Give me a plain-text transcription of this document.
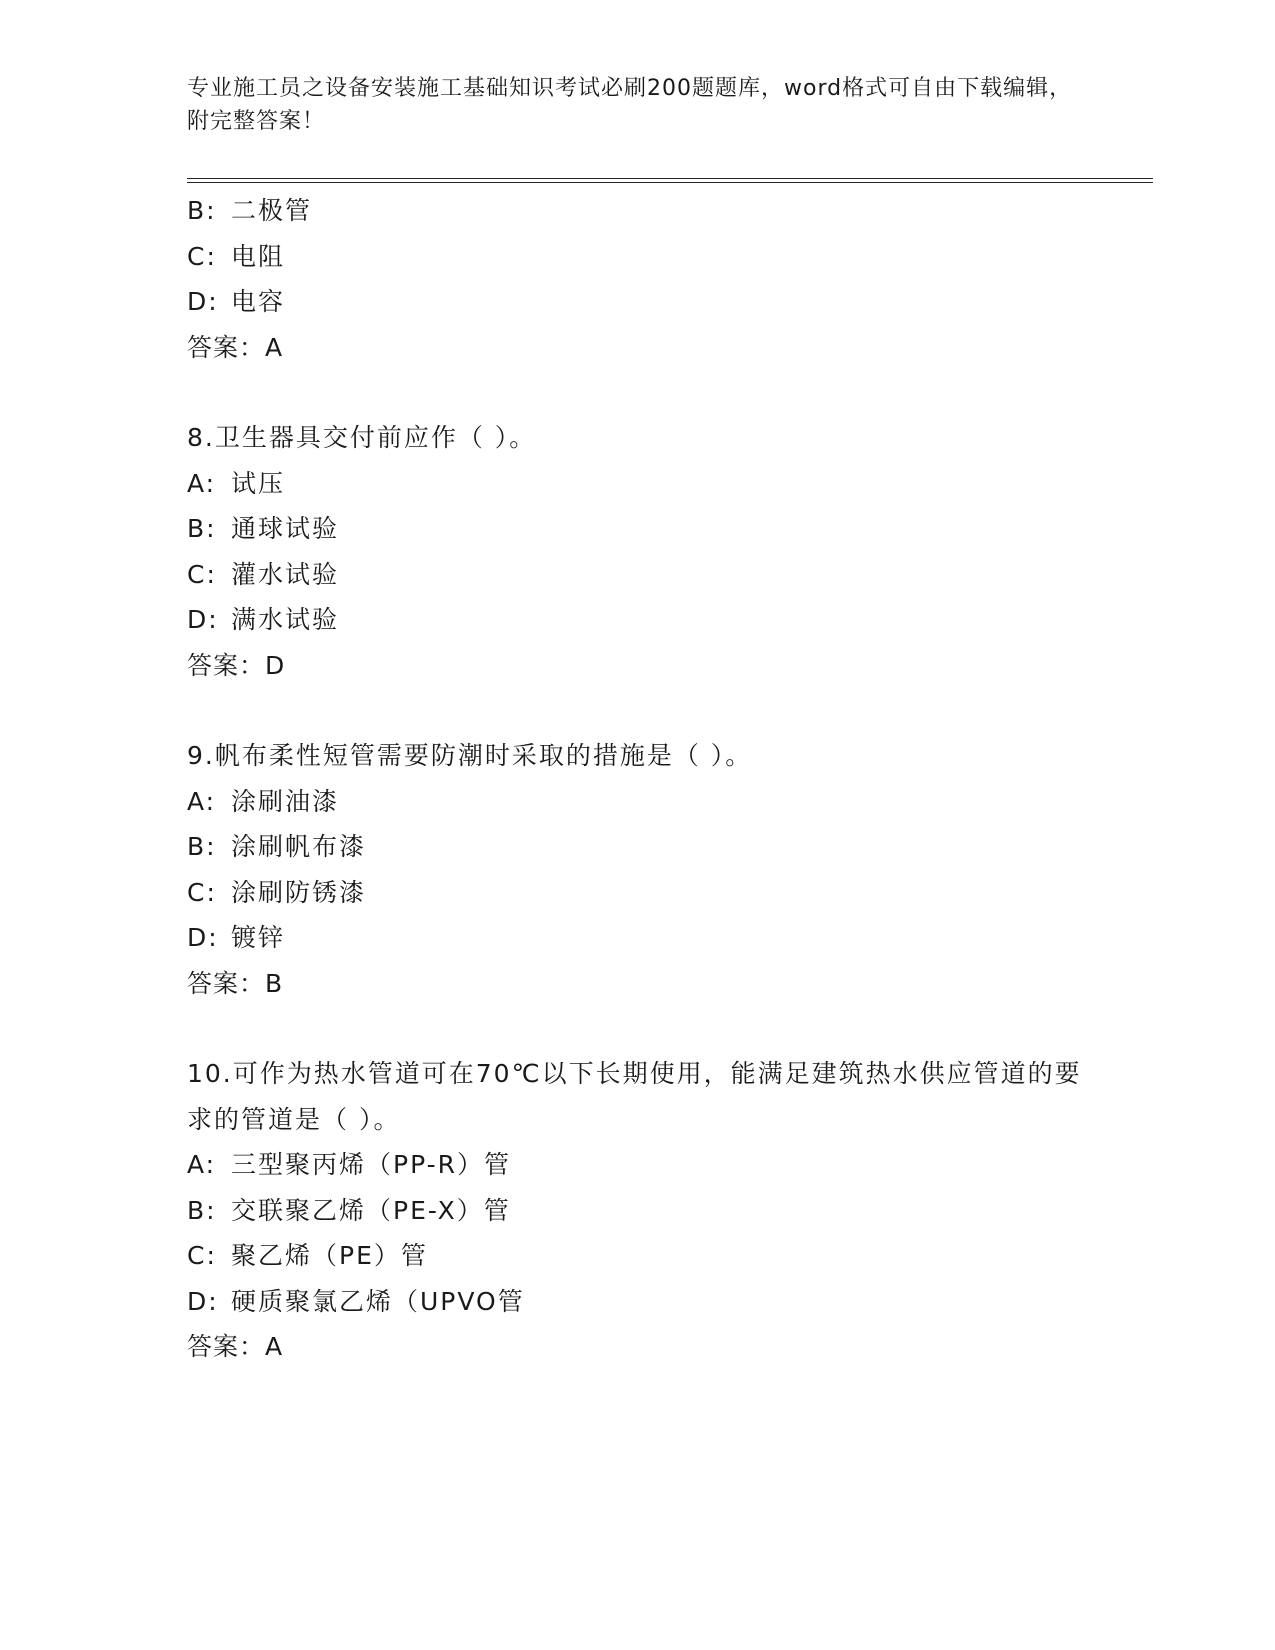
专业施工员之设备安装施工基础知识考试必刷200题题库，word格式可自由下载编辑，附完整答案！
B: 二极管
C: 电阻
D: 电容
答案：A
8.卫生器具交付前应作（ ）。
A: 试压
B: 通球试验
C: 灌水试验
D: 满水试验
答案：D
9.帆布柔性短管需要防潮时采取的措施是（ ）。
A: 涂刷油漆
B: 涂刷帆布漆
C: 涂刷防锈漆
D: 镀锌
答案：B
10.可作为热水管道可在70℃以下长期使用，能满足建筑热水供应管道的要求的管道是（ ）。
A: 三型聚丙烯（PP-R）管
B: 交联聚乙烯（PE-X）管
C: 聚乙烯（PE）管
D: 硬质聚氯乙烯（UPVO管
答案：A
